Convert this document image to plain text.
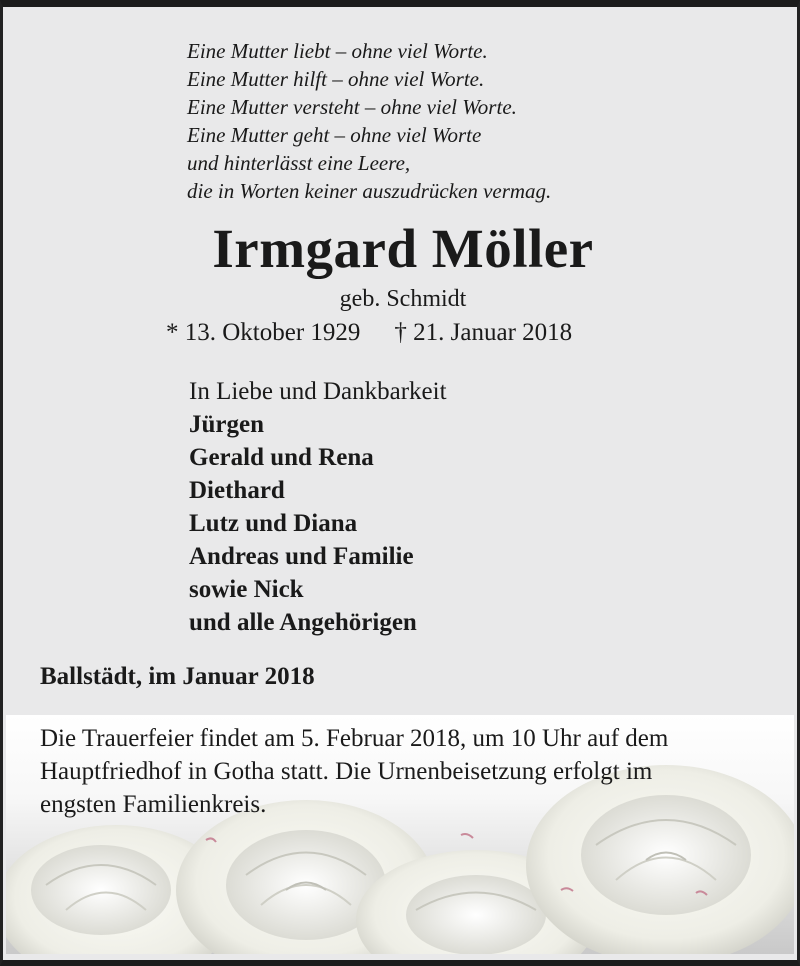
Eine Mutter liebt – ohne viel Worte.
Eine Mutter hilft – ohne viel Worte.
Eine Mutter versteht – ohne viel Worte.
Eine Mutter geht – ohne viel Worte
und hinterlässt eine Leere,
die in Worten keiner auszudrücken vermag.
Irmgard Möller
geb. Schmidt
* 13. Oktober 1929 † 21. Januar 2018
In Liebe und Dankbarkeit
Jürgen
Gerald und Rena
Diethard
Lutz und Diana
Andreas und Familie
sowie Nick
und alle Angehörigen
Ballstädt, im Januar 2018
Die Trauerfeier findet am 5. Februar 2018, um 10 Uhr auf dem
Hauptfriedhof in Gotha statt. Die Urnenbeisetzung erfolgt im
engsten Familienkreis.
